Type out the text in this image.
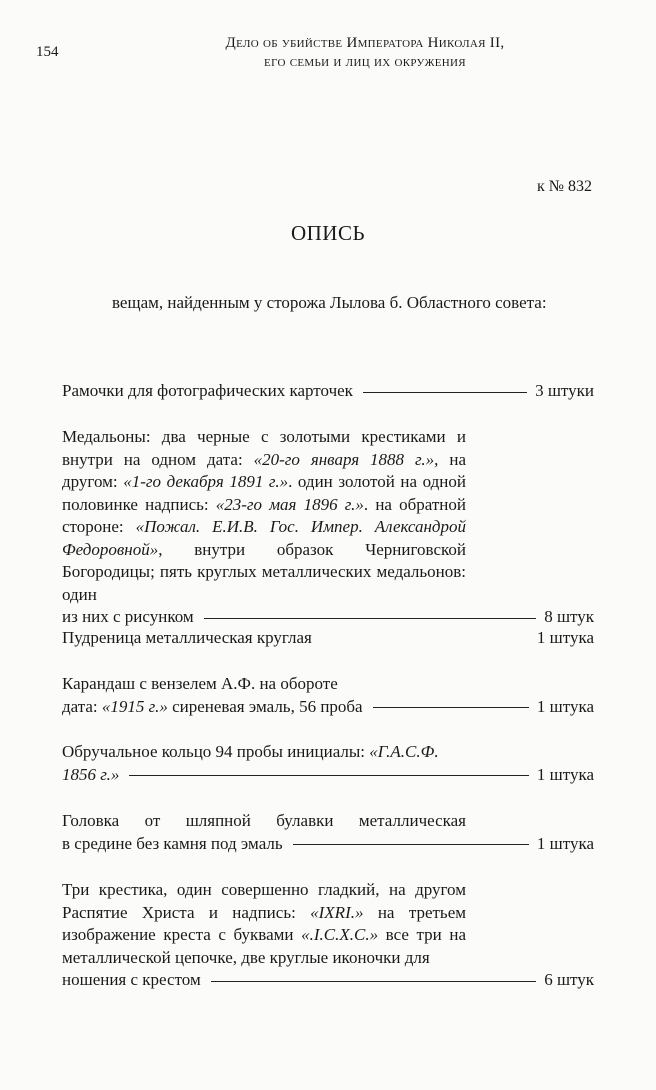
154
Дело об убийстве Императора Николая II,
его семьи и лиц их окружения
к № 832
ОПИСЬ
вещам, найденным у сторожа Лылова б. Областного совета:
Рамочки для фотографических карточек	3 штуки
Медальоны: два черные с золотыми крестиками и внутри на одном дата: «20-го января 1888 г.», на другом: «1-го декабря 1891 г.». один золотой на одной половинке надпись: «23-го мая 1896 г.». на обратной стороне: «Пожал. Е.И.В. Гос. Импер. Александрой Федоровной», внутри образок Черниговской Богородицы; пять круглых металлических медальонов: один
из них с рисунком	8 штук
Пудреница металлическая круглая	1 штука
Карандаш с вензелем А.Ф. на обороте
дата: «1915 г.» сиреневая эмаль, 56 проба	1 штука
Обручальное кольцо 94 пробы инициалы: «Г.А.С.Ф.
1856 г.»	1 штука
Головка от шляпной булавки металлическая
в средине без камня под эмаль	1 штука
Три крестика, один совершенно гладкий, на другом Распятие Христа и надпись: «IXRI.» на третьем изображение креста с буквами «.I.C.X.C.» все три на металлической цепочке, две круглые иконочки для
ношения с крестом	6 штук
